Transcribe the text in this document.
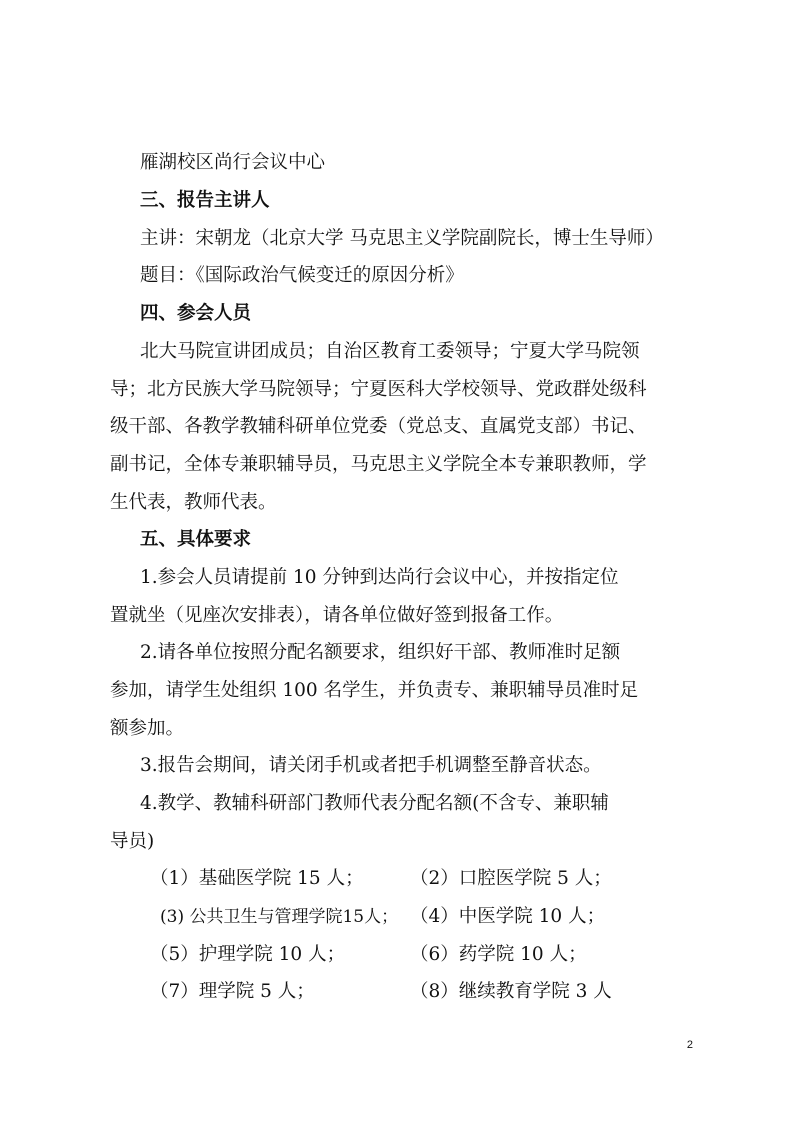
雁湖校区尚行会议中心
三、报告主讲人
主讲：宋朝龙（北京大学 马克思主义学院副院长，博士生导师）
题目：《国际政治气候变迁的原因分析》
四、参会人员
北大马院宣讲团成员；自治区教育工委领导；宁夏大学马院领
导；北方民族大学马院领导；宁夏医科大学校领导、党政群处级科
级干部、各教学教辅科研单位党委（党总支、直属党支部）书记、
副书记，全体专兼职辅导员，马克思主义学院全本专兼职教师，学
生代表，教师代表。
五、具体要求
1.参会人员请提前 10 分钟到达尚行会议中心，并按指定位
置就坐（见座次安排表），请各单位做好签到报备工作。
2.请各单位按照分配名额要求，组织好干部、教师准时足额
参加，请学生处组织 100 名学生，并负责专、兼职辅导员准时足
额参加。
3.报告会期间，请关闭手机或者把手机调整至静音状态。
4.教学、教辅科研部门教师代表分配名额(不含专、兼职辅
导员)
（1）基础医学院 15 人；	（2）口腔医学院 5 人；
(3) 公共卫生与管理学院15人； （4）中医学院 10 人；
（5）护理学院 10 人；	（6）药学院 10 人；
（7）理学院 5 人；	（8）继续教育学院 3 人
2
